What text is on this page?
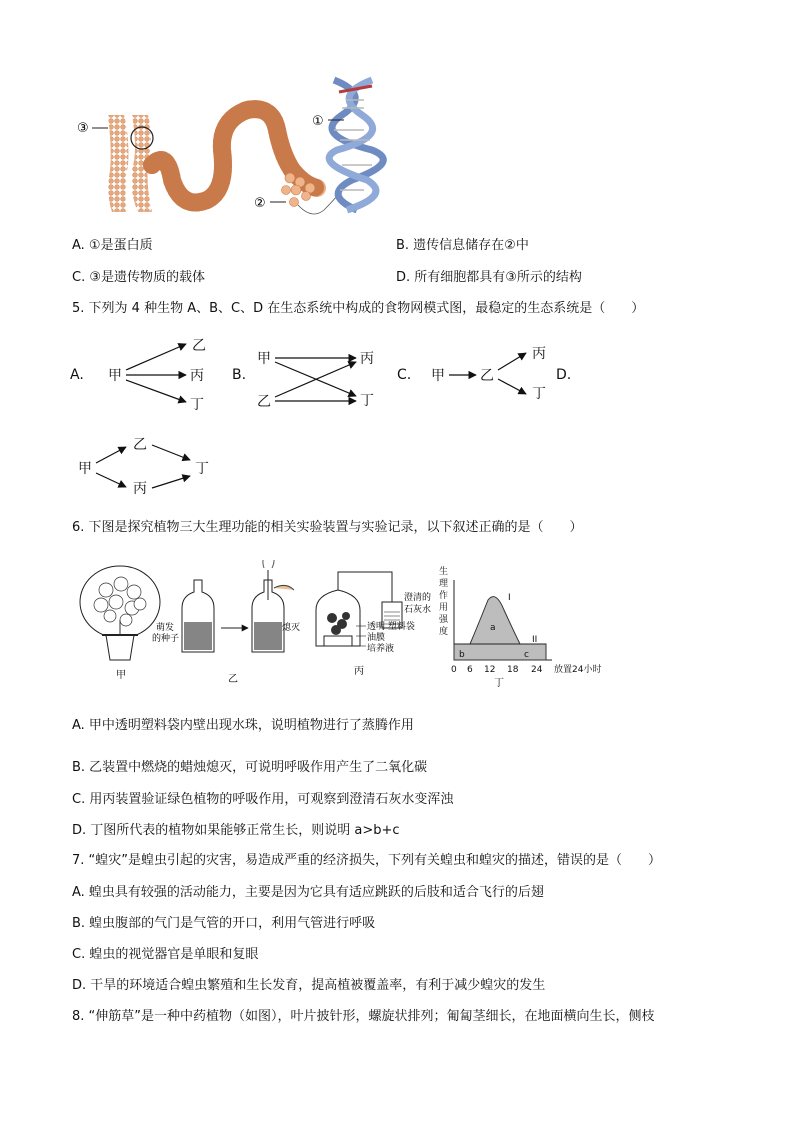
③	①
②
A. ①是蛋白质	B. 遗传信息储存在②中
C. ③是遗传物质的载体	D. 所有细胞都具有③所示的结构
5. 下列为 4 种生物 A、B、C、D 在生态系统中构成的食物网模式图，最稳定的生态系统是（　　）
A. 甲
乙
丙
丁
B.
甲
乙
丙
丁
C. 甲	乙
丙
丁
D.
甲
乙
丙
丁
6. 下图是探究植物三大生理功能的相关实验装置与实验记录，以下叙述正确的是（　　）
甲
萌发
的种子
熄灭
乙
澄清的
石灰水
透明 塑料袋
油膜
培养液
丙
生
理
作
用
强
度
0 6 12 18 24 放置24小时
I
II
a
b	c
丁
A. 甲中透明塑料袋内壁出现水珠，说明植物进行了蒸腾作用
B. 乙装置中燃烧的蜡烛熄灭，可说明呼吸作用产生了二氧化碳
C. 用丙装置验证绿色植物的呼吸作用，可观察到澄清石灰水变浑浊
D. 丁图所代表的植物如果能够正常生长，则说明 a>b+c
7. “蝗灾”是蝗虫引起的灾害，易造成严重的经济损失，下列有关蝗虫和蝗灾的描述，错误的是（　　）
A. 蝗虫具有较强的活动能力，主要是因为它具有适应跳跃的后肢和适合飞行的后翅
B. 蝗虫腹部的气门是气管的开口，利用气管进行呼吸
C. 蝗虫的视觉器官是单眼和复眼
D. 干旱的环境适合蝗虫繁殖和生长发育，提高植被覆盖率，有利于减少蝗灾的发生
8. “伸筋草”是一种中药植物（如图），叶片披针形，螺旋状排列；匍匐茎细长，在地面横向生长，侧枝
